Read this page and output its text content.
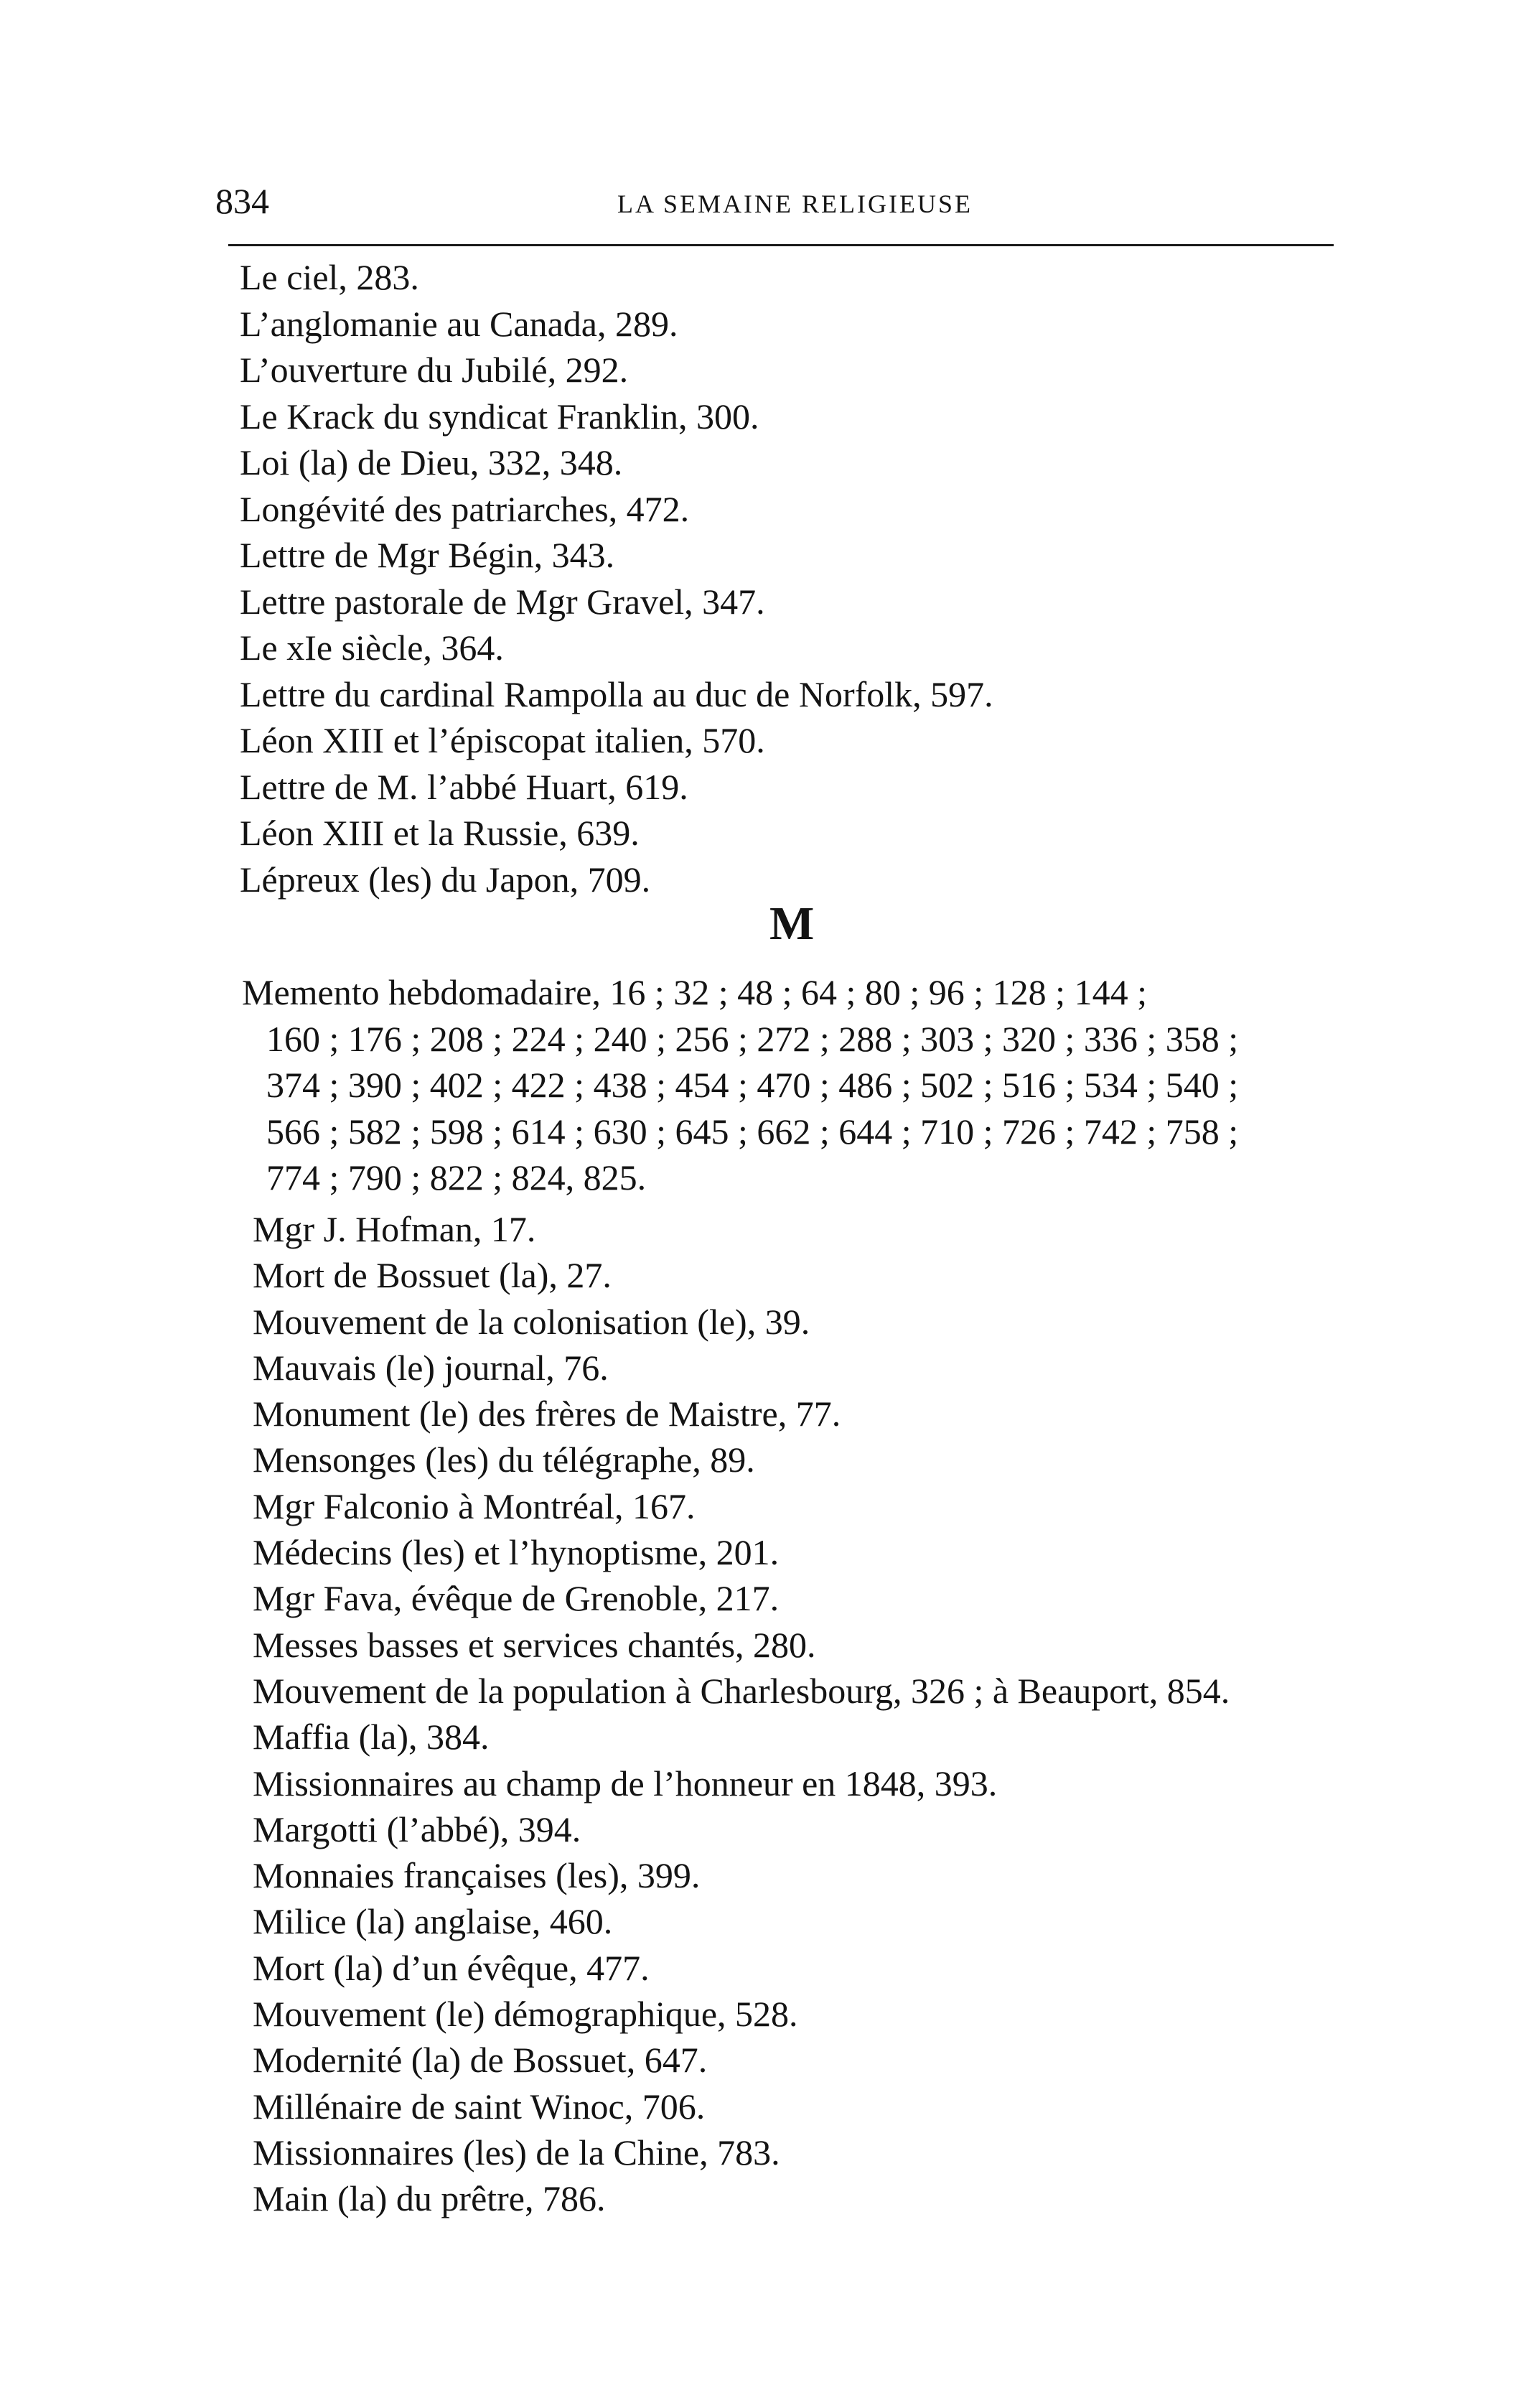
834	LA SEMAINE RELIGIEUSE
Le ciel, 283.
L’anglomanie au Canada, 289.
L’ouverture du Jubilé, 292.
Le Krack du syndicat Franklin, 300.
Loi (la) de Dieu, 332, 348.
Longévité des patriarches, 472.
Lettre de Mgr Bégin, 343.
Lettre pastorale de Mgr Gravel, 347.
Le xIe siècle, 364.
Lettre du cardinal Rampolla au duc de Norfolk, 597.
Léon XIII et l’épiscopat italien, 570.
Lettre de M. l’abbé Huart, 619.
Léon XIII et la Russie, 639.
Lépreux (les) du Japon, 709.
M
Memento hebdomadaire, 16 ; 32 ; 48 ; 64 ; 80 ; 96 ; 128 ; 144 ;
160 ; 176 ; 208 ; 224 ; 240 ; 256 ; 272 ; 288 ; 303 ; 320 ; 336 ; 358 ;
374 ; 390 ; 402 ; 422 ; 438 ; 454 ; 470 ; 486 ; 502 ; 516 ; 534 ; 540 ;
566 ; 582 ; 598 ; 614 ; 630 ; 645 ; 662 ; 644 ; 710 ; 726 ; 742 ; 758 ;
774 ; 790 ; 822 ; 824, 825.
Mgr J. Hofman, 17.
Mort de Bossuet (la), 27.
Mouvement de la colonisation (le), 39.
Mauvais (le) journal, 76.
Monument (le) des frères de Maistre, 77.
Mensonges (les) du télégraphe, 89.
Mgr Falconio à Montréal, 167.
Médecins (les) et l’hynoptisme, 201.
Mgr Fava, évêque de Grenoble, 217.
Messes basses et services chantés, 280.
Mouvement de la population à Charlesbourg, 326 ; à Beauport, 854.
Maffia (la), 384.
Missionnaires au champ de l’honneur en 1848, 393.
Margotti (l’abbé), 394.
Monnaies françaises (les), 399.
Milice (la) anglaise, 460.
Mort (la) d’un évêque, 477.
Mouvement (le) démographique, 528.
Modernité (la) de Bossuet, 647.
Millénaire de saint Winoc, 706.
Missionnaires (les) de la Chine, 783.
Main (la) du prêtre, 786.
